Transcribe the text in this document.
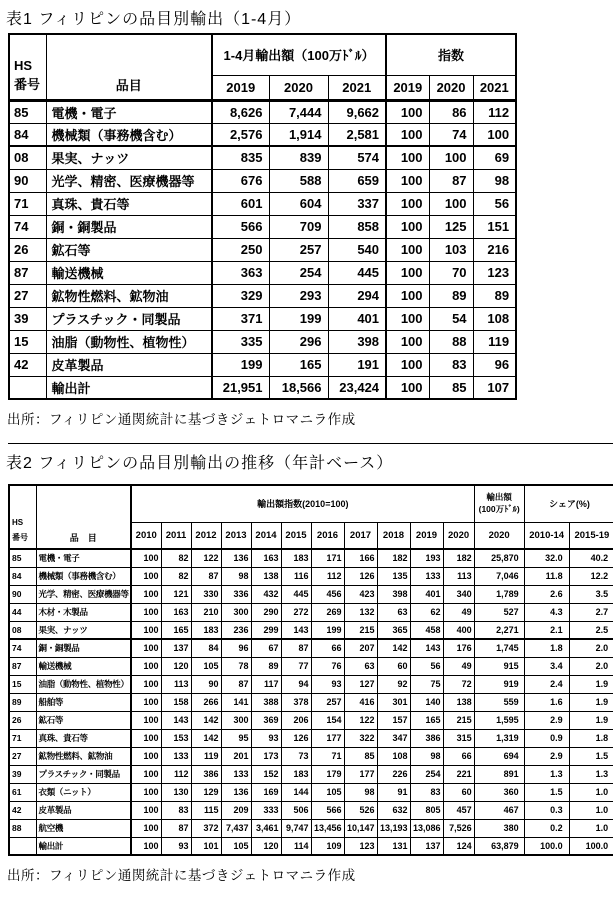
表1 フィリピンの品目別輸出（1-4月）
HS
番号	品目	1-4月輸出額（100万ﾄﾞﾙ）			指数		
		2019	2020	2021	2019	2020	2021
85	電機・電子	8,626	7,444	9,662	100	86	112
84	機械類（事務機含む）	2,576	1,914	2,581	100	74	100
08	果実、ナッツ	835	839	574	100	100	69
90	光学、精密、医療機器等	676	588	659	100	87	98
71	真珠、貴石等	601	604	337	100	100	56
74	銅・銅製品	566	709	858	100	125	151
26	鉱石等	250	257	540	100	103	216
87	輸送機械	363	254	445	100	70	123
27	鉱物性燃料、鉱物油	329	293	294	100	89	89
39	プラスチック・同製品	371	199	401	100	54	108
15	油脂（動物性、植物性）	335	296	398	100	88	119
42	皮革製品	199	165	191	100	83	96
	輸出計	21,951	18,566	23,424	100	85	107
出所：フィリピン通関統計に基づきジェトロマニラ作成
表2 フィリピンの品目別輸出の推移（年計ベース）
HS
番号	品　目	輸出額指数(2010=100)	
輸出額
(100万ﾄﾞﾙ)	シェア(%)
		2010	2011	2012	2013	2014	2015	2016	2017	2018	2019	2020	2020	2010-14	2015-19
85	電機・電子	100	82	122	136	163	183	171	166	182	193	182	25,870	32.0	40.2
84	機械類（事務機含む）	100	82	87	98	138	116	112	126	135	133	113	7,046	11.8	12.2
90	光学、精密、医療機器等	100	121	330	336	432	445	456	423	398	401	340	1,789	2.6	3.5
44	木材・木製品	100	163	210	300	290	272	269	132	63	62	49	527	4.3	2.7
08	果実、ナッツ	100	165	183	236	299	143	199	215	365	458	400	2,271	2.1	2.5
74	銅・銅製品	100	137	84	96	67	87	66	207	142	143	176	1,745	1.8	2.0
87	輸送機械	100	120	105	78	89	77	76	63	60	56	49	915	3.4	2.0
15	油脂（動物性、植物性）	100	113	90	87	117	94	93	127	92	75	72	919	2.4	1.9
89	船舶等	100	158	266	141	388	378	257	416	301	140	138	559	1.6	1.9
26	鉱石等	100	143	142	300	369	206	154	122	157	165	215	1,595	2.9	1.9
71	真珠、貴石等	100	153	142	95	93	126	177	322	347	386	315	1,319	0.9	1.8
27	鉱物性燃料、鉱物油	100	133	119	201	173	73	71	85	108	98	66	694	2.9	1.5
39	プラスチック・同製品	100	112	386	133	152	183	179	177	226	254	221	891	1.3	1.3
61	衣類（ニット）	100	130	129	136	169	144	105	98	91	83	60	360	1.5	1.0
42	皮革製品	100	83	115	209	333	506	566	526	632	805	457	467	0.3	1.0
88	航空機	100	87	372	7,437	3,461	9,747	13,456	10,147	13,193	13,086	7,526	380	0.2	1.0
	輸出計	100	93	101	105	120	114	109	123	131	137	124	63,879	100.0	100.0
出所：フィリピン通関統計に基づきジェトロマニラ作成
